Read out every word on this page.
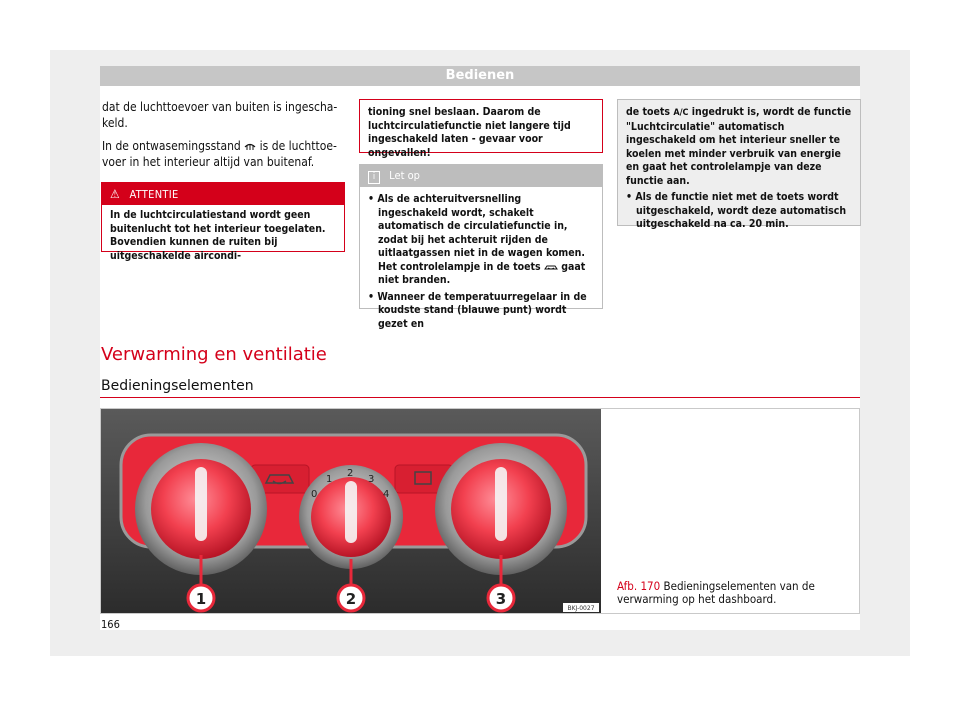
Bedienen

dat de luchttoevoer van buiten is ingeschakeld.

In de ontwasemingsstand is de luchttoevoer in het interieur altijd van buitenaf.

⚠ ATTENTIE
In de luchtcirculatiestand wordt geen buitenlucht tot het interieur toegelaten. Bovendien kunnen de ruiten bij uitgeschakelde aircondi-
tioning snel beslaan. Daarom de luchtcirculatiefunctie niet langere tijd ingeschakeld laten - gevaar voor ongevallen!
i Let op

• Als de achteruitversnelling ingeschakeld wordt, schakelt automatisch de circulatiefunctie in, zodat bij het achteruit rijden de uitlaatgassen niet in de wagen komen. Het controlelampje in de toets gaat niet branden.

• Wanneer de temperatuurregelaar in de koudste stand (blauwe punt) wordt gezet en

de toets A/C ingedrukt is, wordt de functie "Luchtcirculatie" automatisch ingeschakeld om het interieur sneller te koelen met minder verbruik van energie en gaat het controlelampje van deze functie aan.

• Als de functie niet met de toets wordt uitgeschakeld, wordt deze automatisch uitgeschakeld na ca. 20 min.

Verwarming en ventilatie
Bedieningselementen
0
1
2
3
4
1	2	3
BKJ-0027
Afb. 170 Bedieningselementen van de verwarming op het dashboard.
166
